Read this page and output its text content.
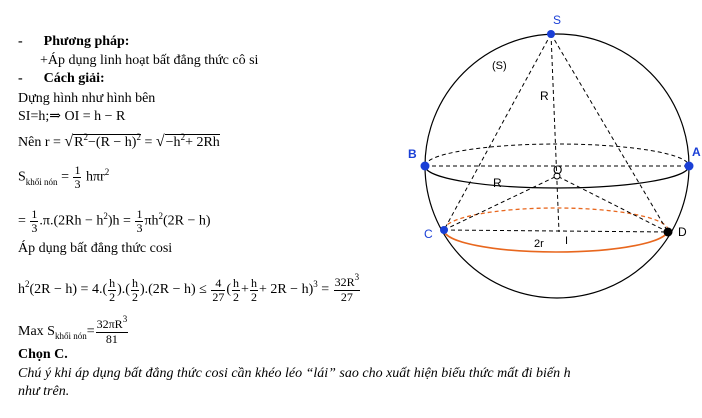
- Phương pháp:
+Áp dụng linh hoạt bất đẳng thức cô si
- Cách giải:
Dựng hình như hình bên
SI=h;⇒ OI = h − R
Nên $r = √R^2-(R - h)^2 = √-h^2+ 2Rh$
$S_{khối nón} = \frac{1}{3} h\pi r^2$
= $\frac{1}{3} .\pi.(2Rh - h^2)h = \frac{1}{3} \pi h^2(2R - h)$
Áp dụng bất đẳng thức cosi
$h^2(2R - h) = 4.( \frac{h}{2}$ ).( $\frac{h}{2} ).(2R - h) \le \frac{4}{27}$ ( $\frac{h}{2} + \frac{h}{2} + 2R - h)^3 = \frac{32R^3}{27}$
Max $S_{khối nón}= \frac{32\pi R^3}{81}$
Chọn C.
Chú ý khi áp dụng bất đẳng thức cosi cần khéo léo “lái” sao cho xuất hiện biểu thức mất đi biến h
như trên.
S
(S)
R
B	A
R
O
C	D
2r I
